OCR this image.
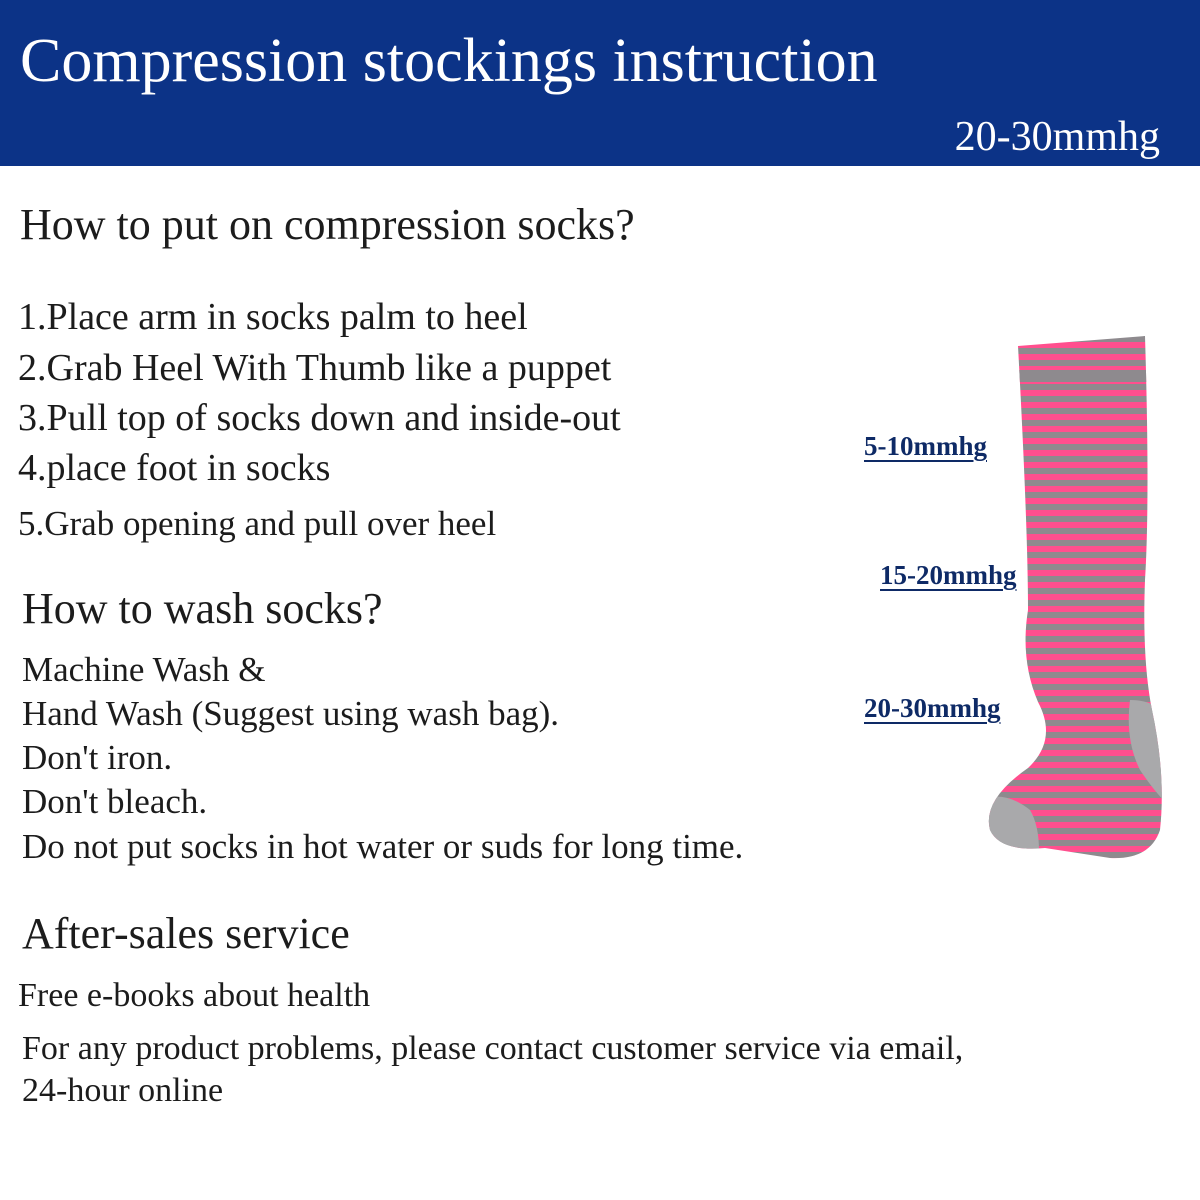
Compression stockings instruction
20-30mmhg
How to put on compression socks?
1.Place arm in socks palm to heel
2.Grab Heel With Thumb like a puppet
3.Pull top of socks down and inside-out
4.place foot in socks
5.Grab opening and pull over heel
How to wash socks?
Machine Wash &
Hand Wash (Suggest using wash bag).
Don't iron.
Don't bleach.
Do not put socks in hot water or suds for long time.
After-sales service
Free e-books about health
For any product problems, please contact customer service via email,
24-hour online
5-10mmhg
15-20mmhg
20-30mmhg
